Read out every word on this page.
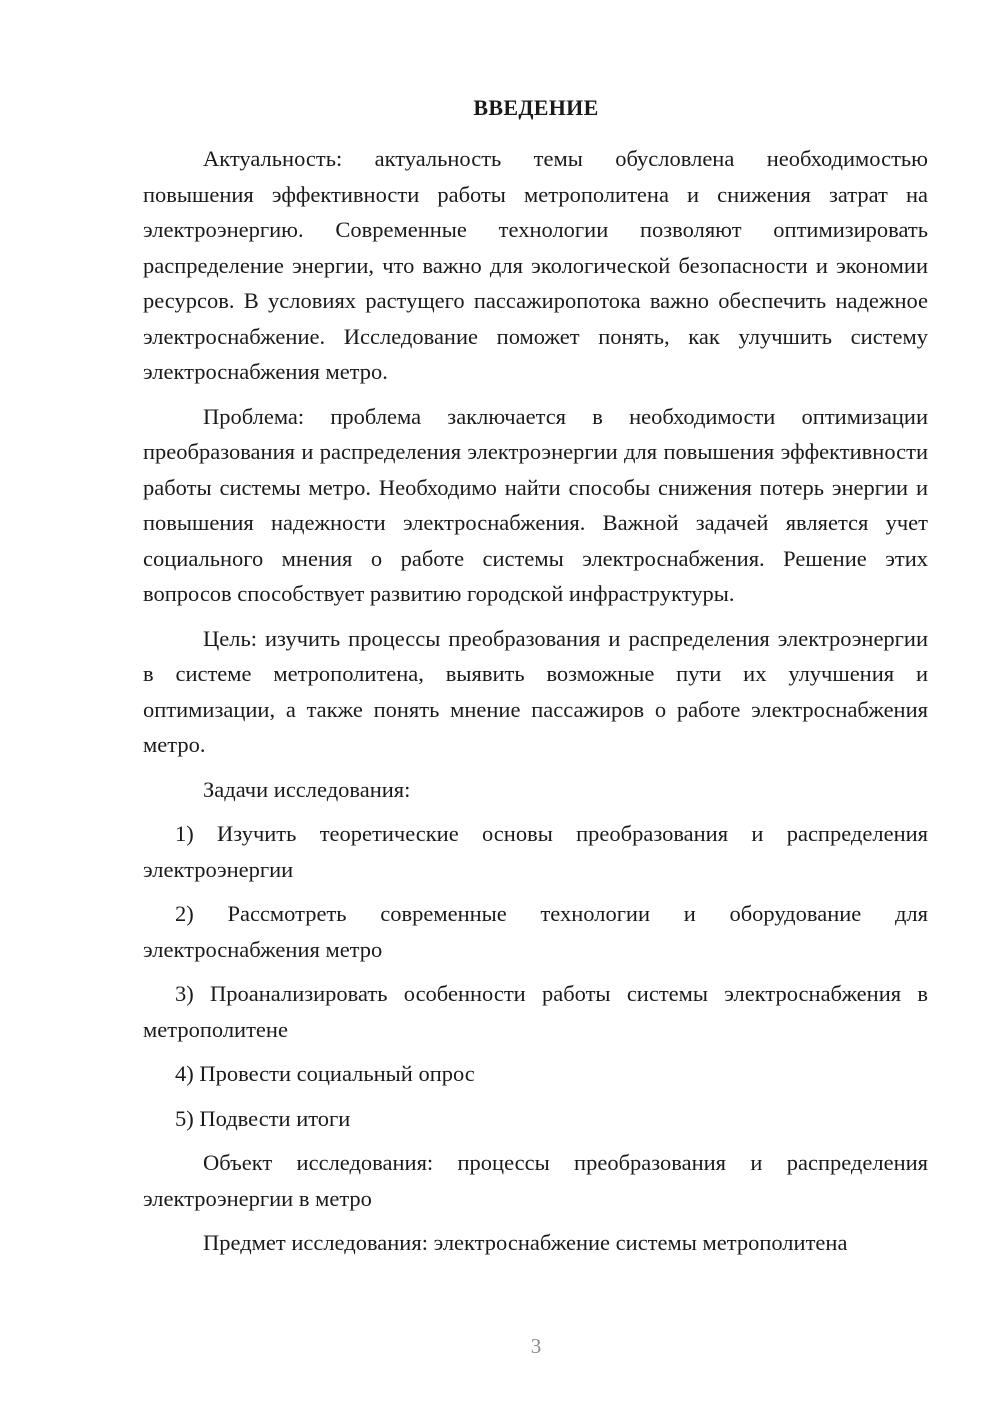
ВВЕДЕНИЕ

Актуальность: актуальность темы обусловлена необходимостью повышения эффективности работы метрополитена и снижения затрат на электроэнергию. Современные технологии позволяют оптимизировать распределение энергии, что важно для экологической безопасности и экономии ресурсов. В условиях растущего пассажиропотока важно обеспечить надежное электроснабжение. Исследование поможет понять, как улучшить систему электроснабжения метро.

Проблема: проблема заключается в необходимости оптимизации преобразования и распределения электроэнергии для повышения эффективности работы системы метро. Необходимо найти способы снижения потерь энергии и повышения надежности электроснабжения. Важной задачей является учет социального мнения о работе системы электроснабжения. Решение этих вопросов способствует развитию городской инфраструктуры.

Цель: изучить процессы преобразования и распределения электроэнергии в системе метрополитена, выявить возможные пути их улучшения и оптимизации, а также понять мнение пассажиров о работе электроснабжения метро.

Задачи исследования:

1) Изучить теоретические основы преобразования и распределения электроэнергии

2) Рассмотреть современные технологии и оборудование для электроснабжения метро

3) Проанализировать особенности работы системы электроснабжения в метрополитене

4) Провести социальный опрос

5) Подвести итоги

Объект исследования: процессы преобразования и распределения электроэнергии в метро

Предмет исследования: электроснабжение системы метрополитена

3
